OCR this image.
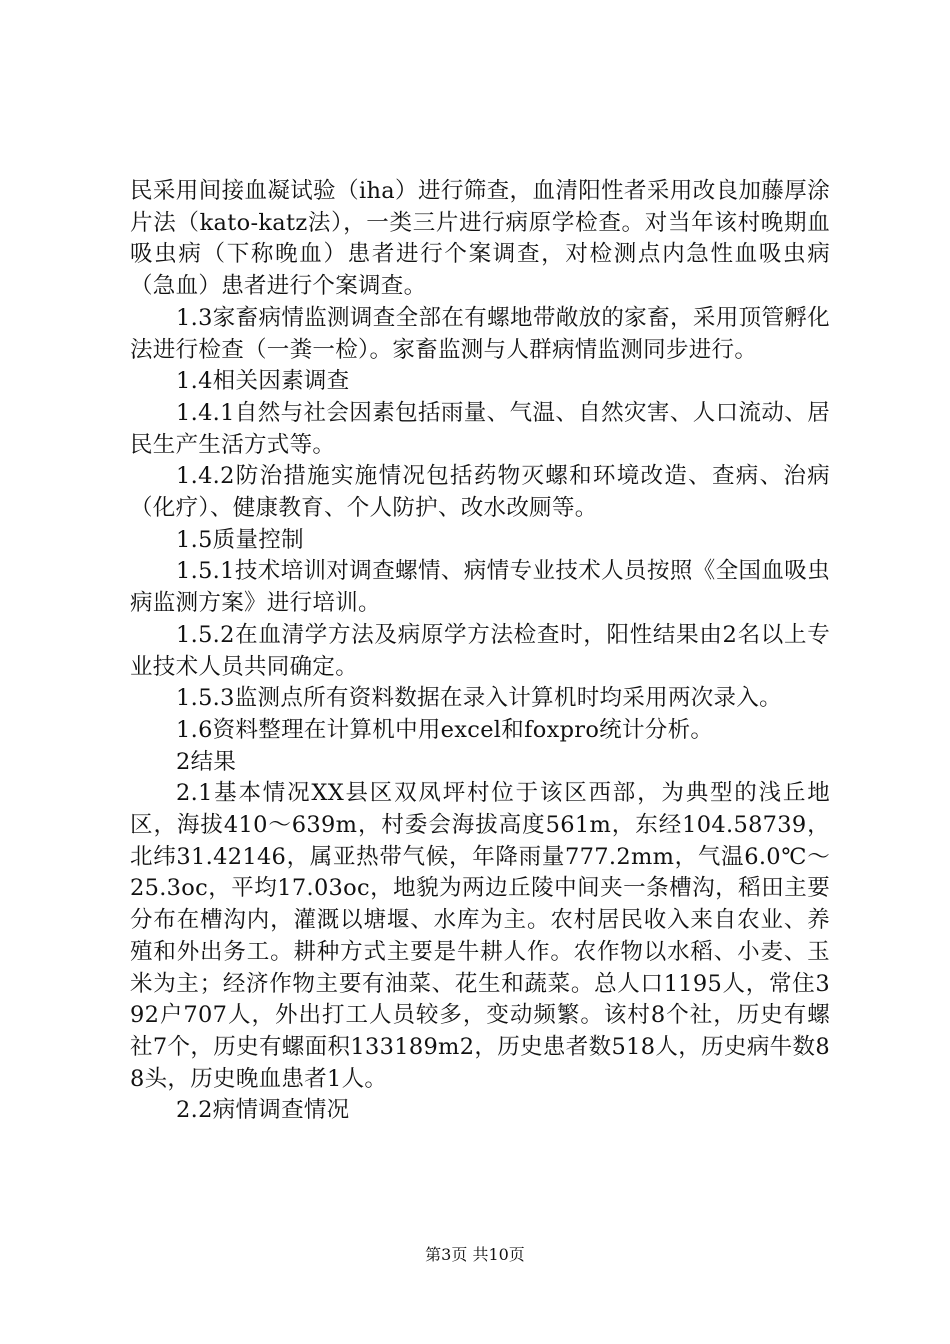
民采用间接血凝试验（iha）进行筛查，血清阳性者采用改良加藤厚涂片法（kato-katz法），一类三片进行病原学检查。对当年该村晚期血吸虫病（下称晚血）患者进行个案调查，对检测点内急性血吸虫病（急血）患者进行个案调查。

1.3家畜病情监测调查全部在有螺地带敞放的家畜，采用顶管孵化法进行检查（一粪一检）。家畜监测与人群病情监测同步进行。

1.4相关因素调查

1.4.1自然与社会因素包括雨量、气温、自然灾害、人口流动、居民生产生活方式等。

1.4.2防治措施实施情况包括药物灭螺和环境改造、查病、治病（化疗）、健康教育、个人防护、改水改厕等。

1.5质量控制

1.5.1技术培训对调查螺情、病情专业技术人员按照《全国血吸虫病监测方案》进行培训。

1.5.2在血清学方法及病原学方法检查时，阳性结果由2名以上专业技术人员共同确定。

1.5.3监测点所有资料数据在录入计算机时均采用两次录入。

1.6资料整理在计算机中用excel和foxpro统计分析。

2结果

2.1基本情况XX县区双凤坪村位于该区西部，为典型的浅丘地区，海拔410～639m，村委会海拔高度561m，东经104.58739，北纬31.42146，属亚热带气候，年降雨量777.2mm，气温6.0℃～25.3oc，平均17.03oc，地貌为两边丘陵中间夹一条槽沟，稻田主要分布在槽沟内，灌溉以塘堰、水库为主。农村居民收入来自农业、养殖和外出务工。耕种方式主要是牛耕人作。农作物以水稻、小麦、玉米为主；经济作物主要有油菜、花生和蔬菜。总人口1195人，常住392户707人，外出打工人员较多，变动频繁。该村8个社，历史有螺社7个，历史有螺面积133189m2，历史患者数518人，历史病牛数88头，历史晚血患者1人。

2.2病情调查情况

第3页 共10页
